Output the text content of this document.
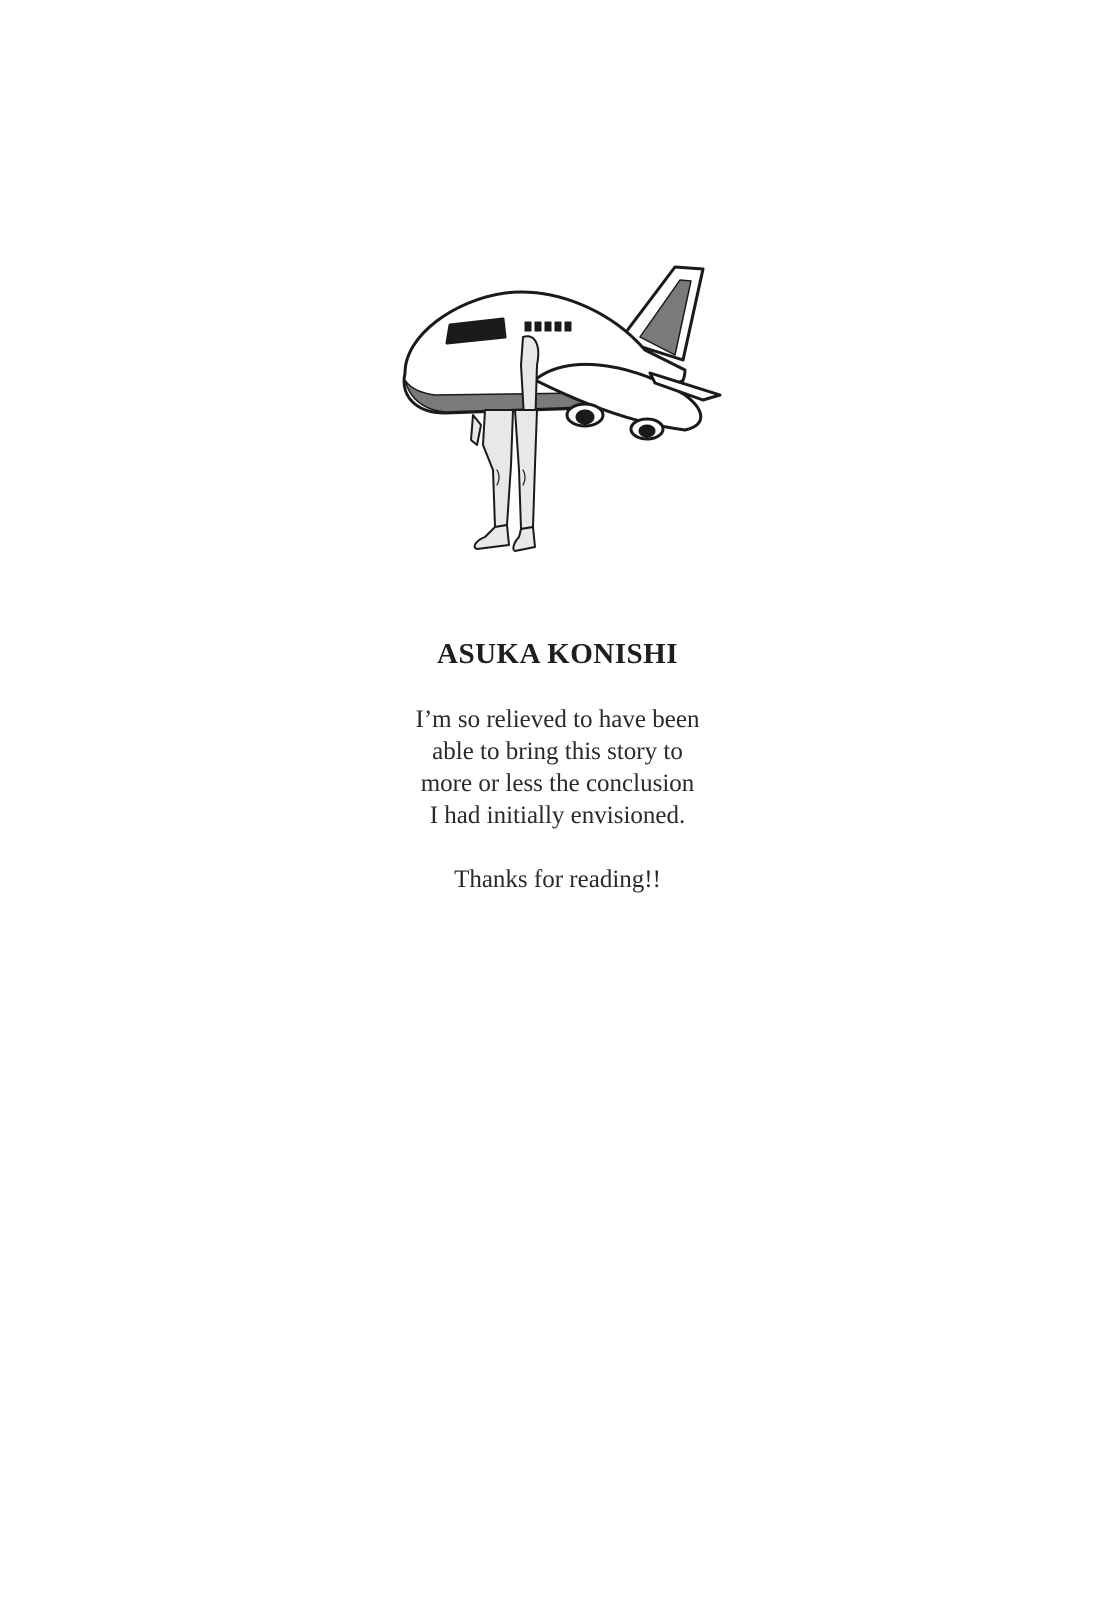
ASUKA KONISHI
I’m so relieved to have been
able to bring this story to
more or less the conclusion
I had initially envisioned.
Thanks for reading!!
